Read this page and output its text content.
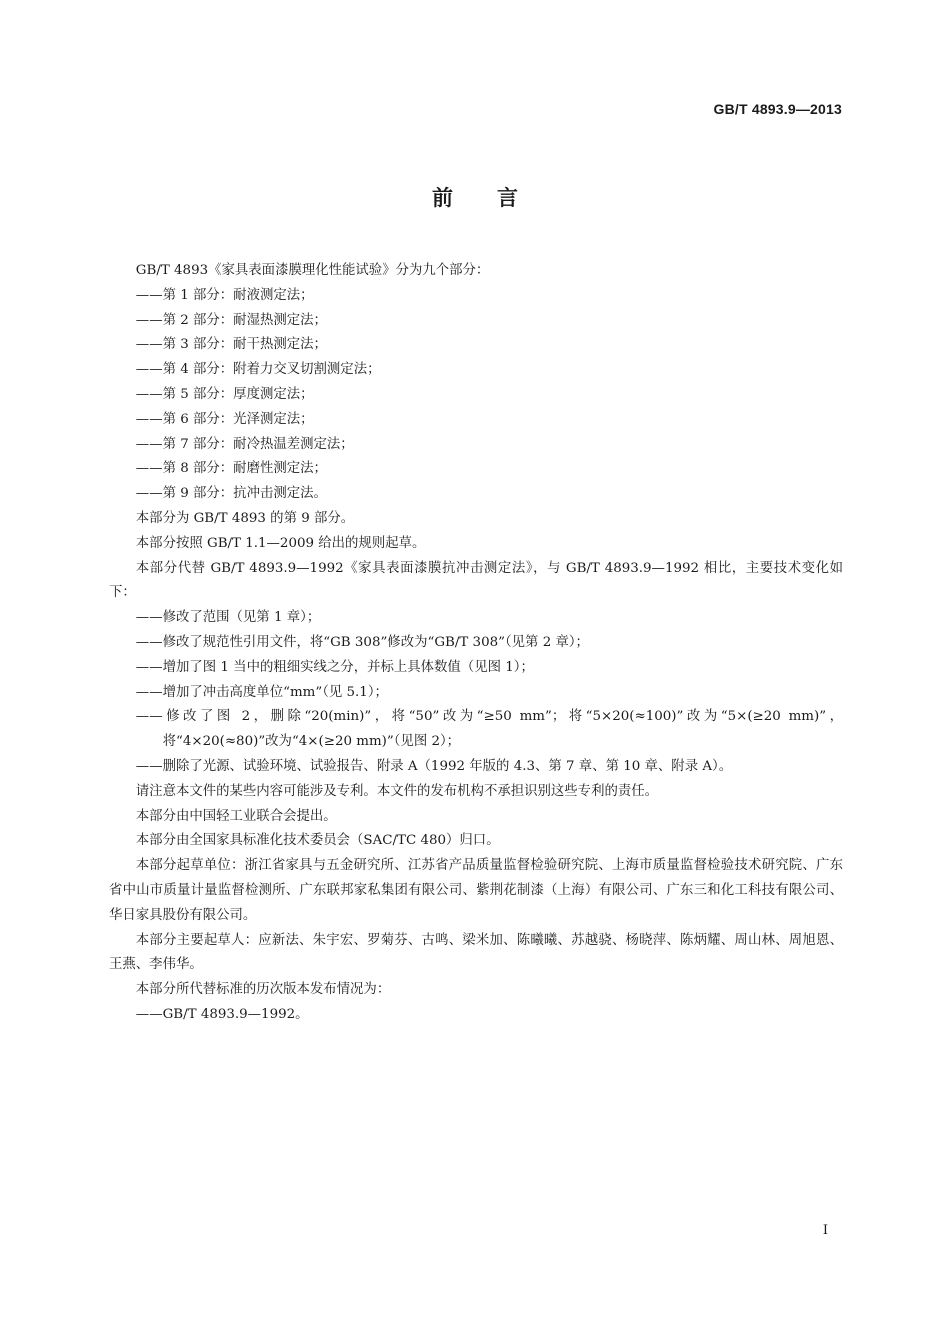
GB/T 4893.9—2013
前言

GB/T 4893《家具表面漆膜理化性能试验》分为九个部分：

——第 1 部分：耐液测定法；

——第 2 部分：耐湿热测定法；

——第 3 部分：耐干热测定法；

——第 4 部分：附着力交叉切割测定法；

——第 5 部分：厚度测定法；

——第 6 部分：光泽测定法；

——第 7 部分：耐冷热温差测定法；

——第 8 部分：耐磨性测定法；

——第 9 部分：抗冲击测定法。

本部分为 GB/T 4893 的第 9 部分。

本部分按照 GB/T 1.1—2009 给出的规则起草。

本部分代替 GB/T 4893.9—1992《家具表面漆膜抗冲击测定法》，与 GB/T 4893.9—1992 相比，主要技术变化如下：

——修改了范围（见第 1 章）；

——修改了规范性引用文件，将“GB 308”修改为“GB/T 308”（见第 2 章）；

——增加了图 1 当中的粗细实线之分，并标上具体数值（见图 1）；

——增加了冲击高度单位“mm”（见 5.1）；

——修改了图 2，删除“20(min)”，将“50”改为“≥50 mm”；将“5×20(≈100)”改为“5×(≥20 mm)”，将“4×20(≈80)”改为“4×(≥20 mm)”（见图 2）；

——删除了光源、试验环境、试验报告、附录 A（1992 年版的 4.3、第 7 章、第 10 章、附录 A）。

请注意本文件的某些内容可能涉及专利。本文件的发布机构不承担识别这些专利的责任。

本部分由中国轻工业联合会提出。

本部分由全国家具标准化技术委员会（SAC/TC 480）归口。

本部分起草单位：浙江省家具与五金研究所、江苏省产品质量监督检验研究院、上海市质量监督检验技术研究院、广东省中山市质量计量监督检测所、广东联邦家私集团有限公司、紫荆花制漆（上海）有限公司、广东三和化工科技有限公司、华日家具股份有限公司。

本部分主要起草人：应新法、朱宇宏、罗菊芬、古鸣、梁米加、陈曦曦、苏越骁、杨晓萍、陈炳耀、周山林、周旭恩、王燕、李伟华。

本部分所代替标准的历次版本发布情况为：

——GB/T 4893.9—1992。

I
